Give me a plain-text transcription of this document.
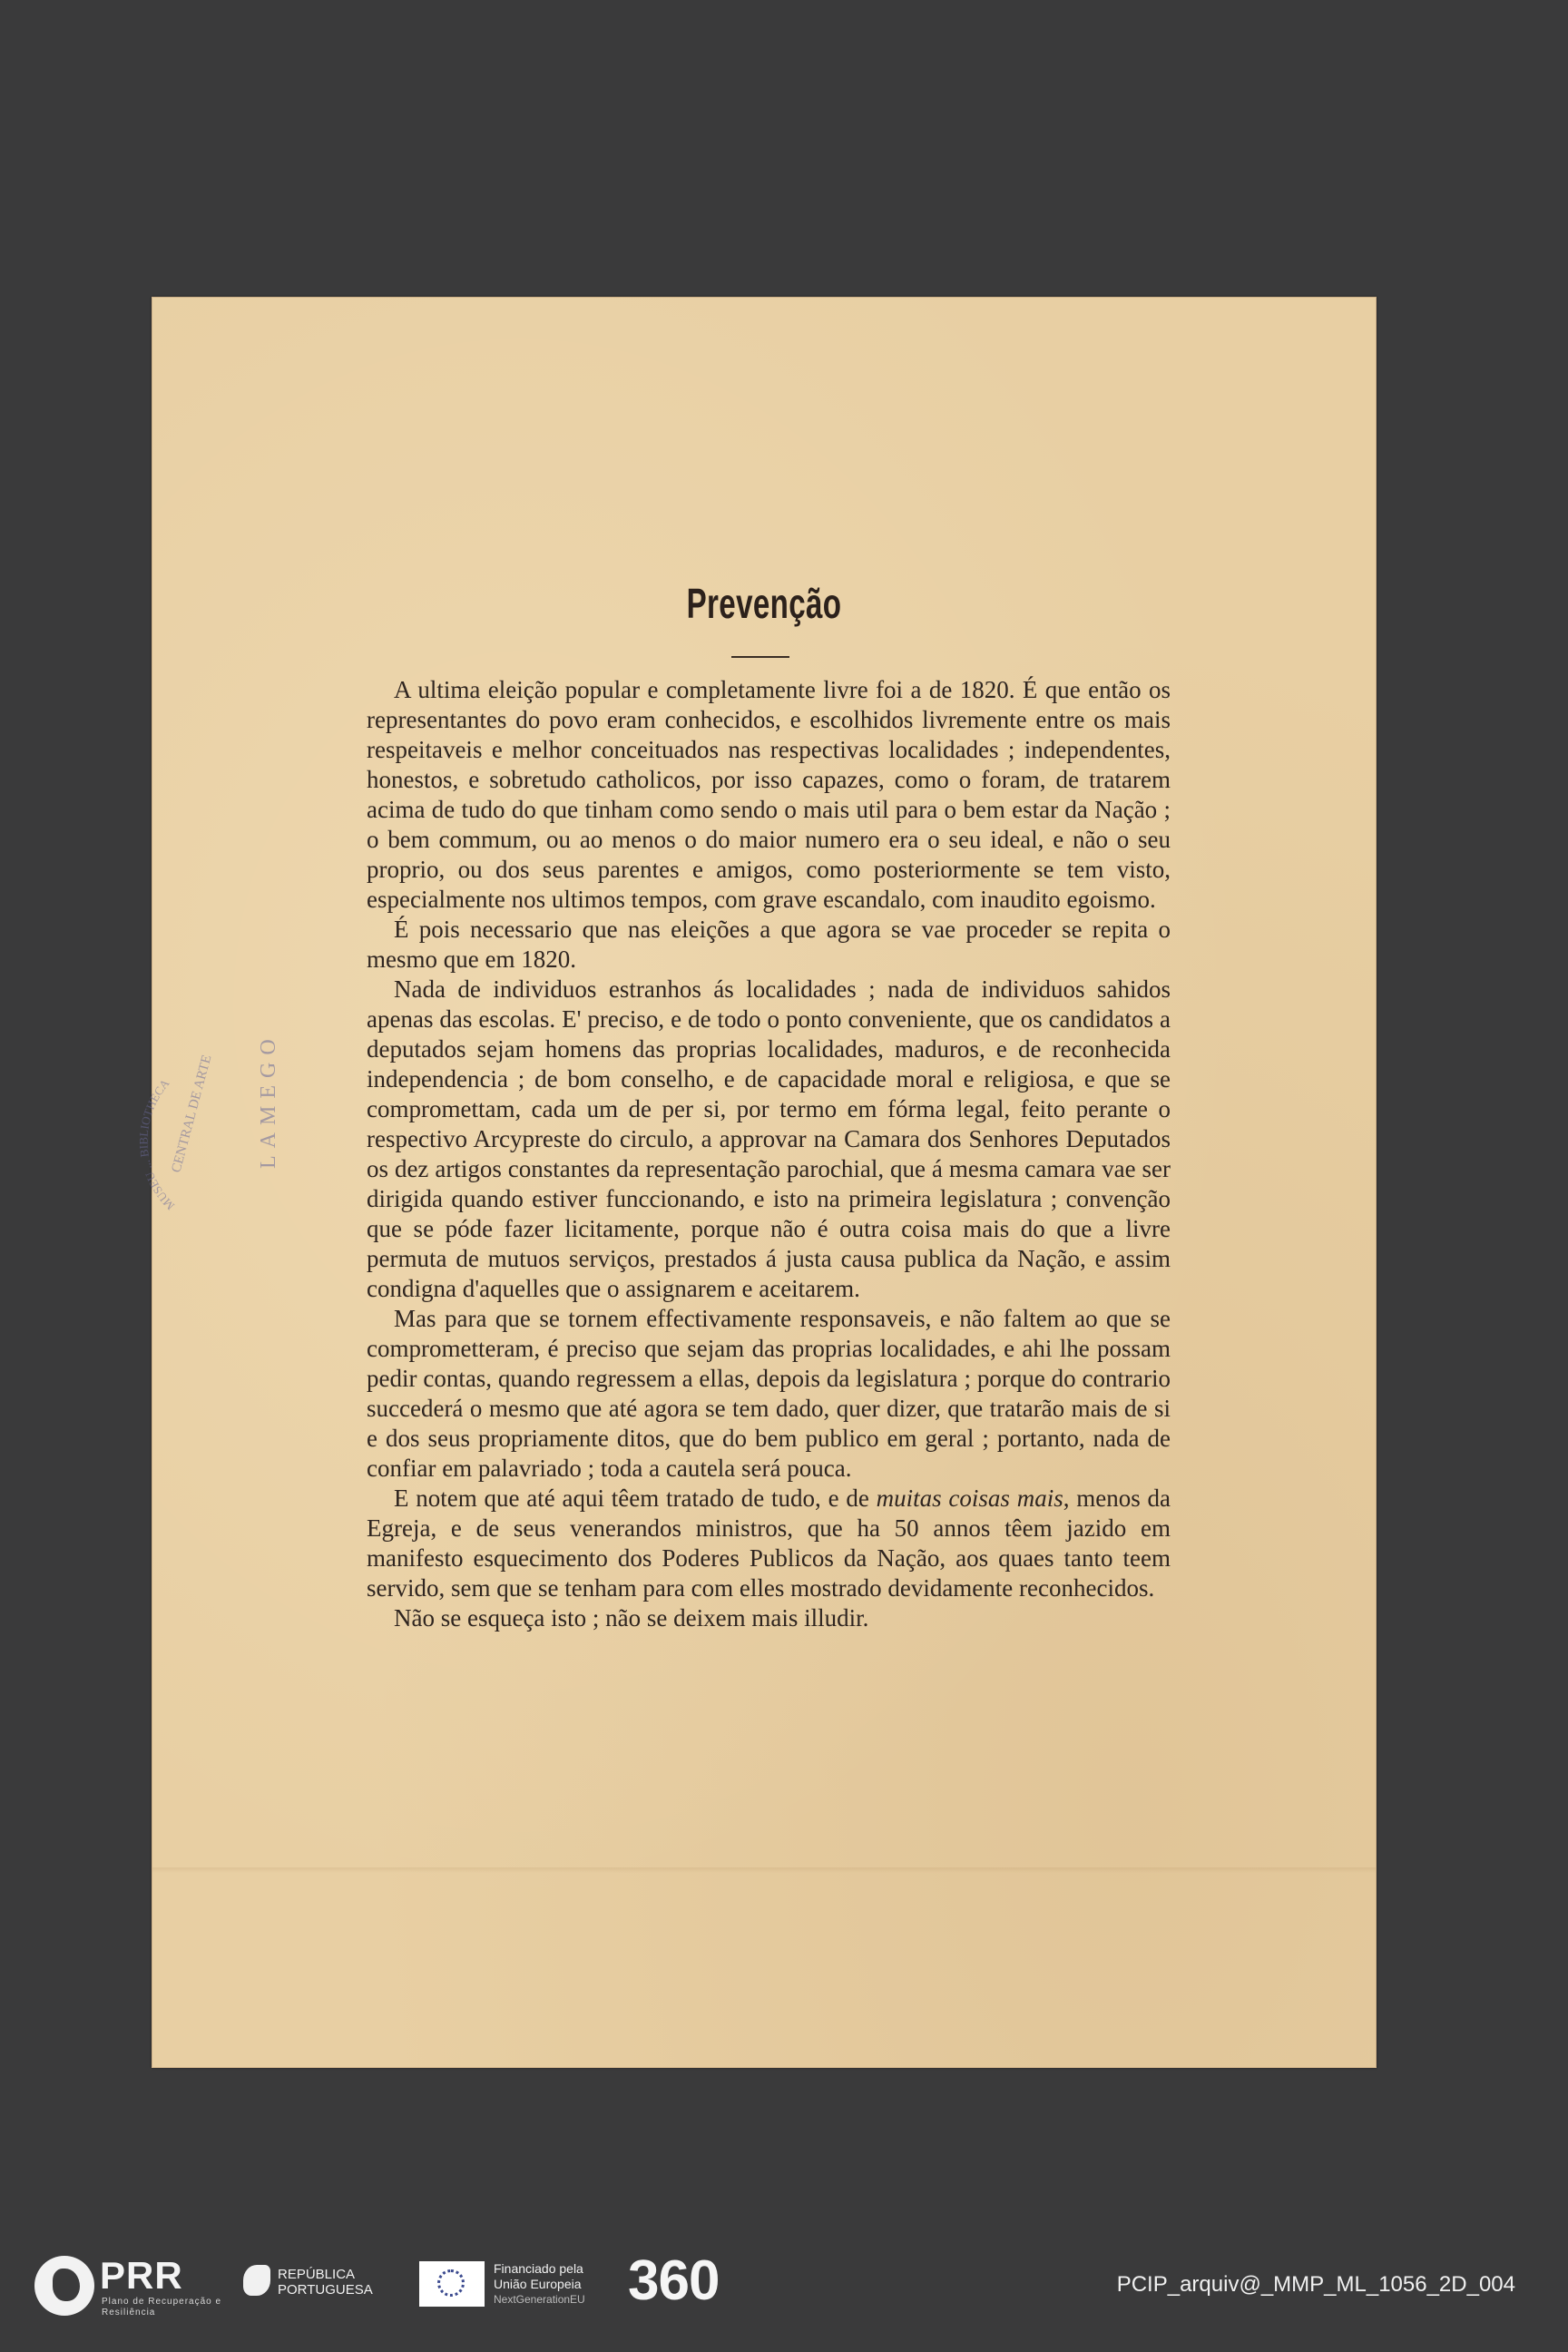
Prevenção

A ultima eleição popular e completamente livre foi a de 1820. É que então os representantes do povo eram conhecidos, e escolhidos livremente entre os mais respeitaveis e melhor conceituados nas respectivas localidades ; independentes, honestos, e sobretudo catholicos, por isso capazes, como o foram, de tratarem acima de tudo do que tinham como sendo o mais util para o bem estar da Nação ; o bem commum, ou ao menos o do maior numero era o seu ideal, e não o seu proprio, ou dos seus parentes e amigos, como posteriormente se tem visto, especialmente nos ultimos tempos, com grave escandalo, com inaudito egoismo.

É pois necessario que nas eleições a que agora se vae proceder se repita o mesmo que em 1820.

Nada de individuos estranhos ás localidades ; nada de individuos sahidos apenas das escolas. E' preciso, e de todo o ponto conveniente, que os candidatos a deputados sejam homens das proprias localidades, maduros, e de reconhecida independencia ; de bom conselho, e de capacidade moral e religiosa, e que se compromettam, cada um de per si, por termo em fórma legal, feito perante o respectivo Arcypreste do circulo, a approvar na Camara dos Senhores Deputados os dez artigos constantes da representação parochial, que á mesma camara vae ser dirigida quando estiver funccionando, e isto na primeira legislatura ; convenção que se póde fazer licitamente, porque não é outra coisa mais do que a livre permuta de mutuos serviços, prestados á justa causa publica da Nação, e assim condigna d'aquelles que o assignarem e aceitarem.

Mas para que se tornem effectivamente responsaveis, e não faltem ao que se comprometteram, é preciso que sejam das proprias localidades, e ahi lhe possam pedir contas, quando regressem a ellas, depois da legislatura ; porque do contrario succederá o mesmo que até agora se tem dado, quer dizer, que tratarão mais de si e dos seus propriamente ditos, que do bem publico em geral ; portanto, nada de confiar em palavriado ; toda a cautela será pouca.

E notem que até aqui têem tratado de tudo, e de muitas coisas mais, menos da Egreja, e de seus venerandos ministros, que ha 50 annos têem jazido em manifesto esquecimento dos Poderes Publicos da Nação, aos quaes tanto teem servido, sem que se tenham para com elles mostrado devidamente reconhecidos.

Não se esqueça isto ; não se deixem mais illudir.

MUSEU ... IOTHECA
CENTRAL DE ARTE LAMEGO
PRR
Plano de Recuperação e Resiliência
REPÚBLICA
PORTUGUESA
Financiado pela
União Europeia
NextGenerationEU 360	PCIP_arquiv@_MMP_ML_1056_2D_004
